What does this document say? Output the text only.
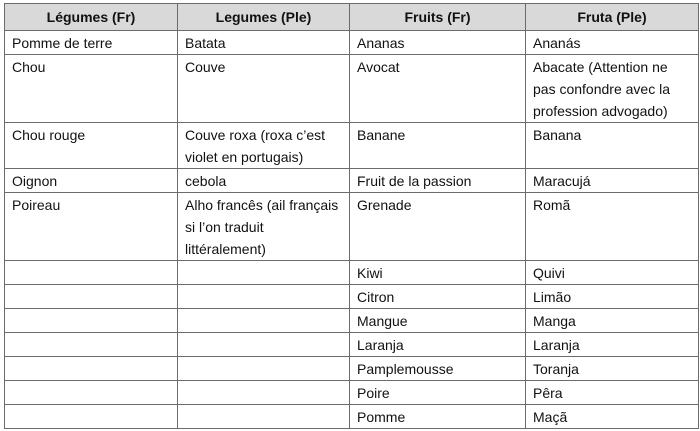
Légumes (Fr)	Legumes (Ple)	Fruits (Fr)	Fruta (Ple)
Pomme de terre	Batata	Ananas	Ananás
Chou	Couve	Avocat	Abacate (Attention ne pas confondre avec la profession advogado)
Chou rouge	Couve roxa (roxa c’est violet en portugais)	Banane	Banana
Oignon	cebola	Fruit de la passion	Maracujá
Poireau	Alho francês (ail français si l’on traduit littéralement)	Grenade	Romã
		Kiwi	Quivi
		Citron	Limão
		Mangue	Manga
		Laranja	Laranja
		Pamplemousse	Toranja
		Poire	Pêra
		Pomme	Maçã
